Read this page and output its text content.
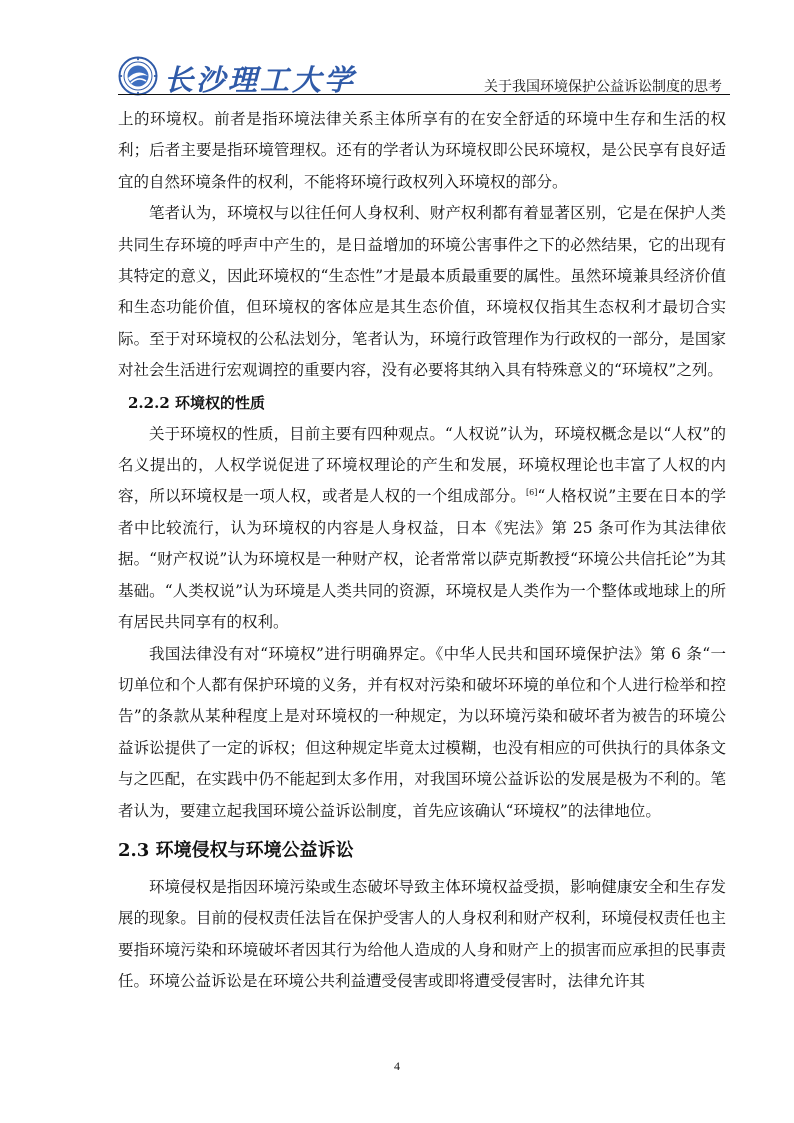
长沙理工大学	关于我国环境保护公益诉讼制度的思考

上的环境权。前者是指环境法律关系主体所享有的在安全舒适的环境中生存和生活的权利；后者主要是指环境管理权。还有的学者认为环境权即公民环境权，是公民享有良好适宜的自然环境条件的权利，不能将环境行政权列入环境权的部分。

笔者认为，环境权与以往任何人身权利、财产权利都有着显著区别，它是在保护人类共同生存环境的呼声中产生的，是日益增加的环境公害事件之下的必然结果，它的出现有其特定的意义，因此环境权的“生态性”才是最本质最重要的属性。虽然环境兼具经济价值和生态功能价值，但环境权的客体应是其生态价值，环境权仅指其生态权利才最切合实际。至于对环境权的公私法划分，笔者认为，环境行政管理作为行政权的一部分，是国家对社会生活进行宏观调控的重要内容，没有必要将其纳入具有特殊意义的“环境权”之列。

2.2.2 环境权的性质

关于环境权的性质，目前主要有四种观点。“人权说”认为，环境权概念是以“人权”的名义提出的，人权学说促进了环境权理论的产生和发展，环境权理论也丰富了人权的内容，所以环境权是一项人权，或者是人权的一个组成部分。[6]“人格权说”主要在日本的学者中比较流行，认为环境权的内容是人身权益，日本《宪法》第 25 条可作为其法律依据。“财产权说”认为环境权是一种财产权，论者常常以萨克斯教授“环境公共信托论”为其基础。“人类权说”认为环境是人类共同的资源，环境权是人类作为一个整体或地球上的所有居民共同享有的权利。

我国法律没有对“环境权”进行明确界定。《中华人民共和国环境保护法》第 6 条“一切单位和个人都有保护环境的义务，并有权对污染和破坏环境的单位和个人进行检举和控告”的条款从某种程度上是对环境权的一种规定，为以环境污染和破坏者为被告的环境公益诉讼提供了一定的诉权；但这种规定毕竟太过模糊，也没有相应的可供执行的具体条文与之匹配，在实践中仍不能起到太多作用，对我国环境公益诉讼的发展是极为不利的。笔者认为，要建立起我国环境公益诉讼制度，首先应该确认“环境权”的法律地位。

2.3 环境侵权与环境公益诉讼

环境侵权是指因环境污染或生态破坏导致主体环境权益受损，影响健康安全和生存发展的现象。目前的侵权责任法旨在保护受害人的人身权利和财产权利，环境侵权责任也主要指环境污染和环境破坏者因其行为给他人造成的人身和财产上的损害而应承担的民事责任。环境公益诉讼是在环境公共利益遭受侵害或即将遭受侵害时，法律允许其

4
